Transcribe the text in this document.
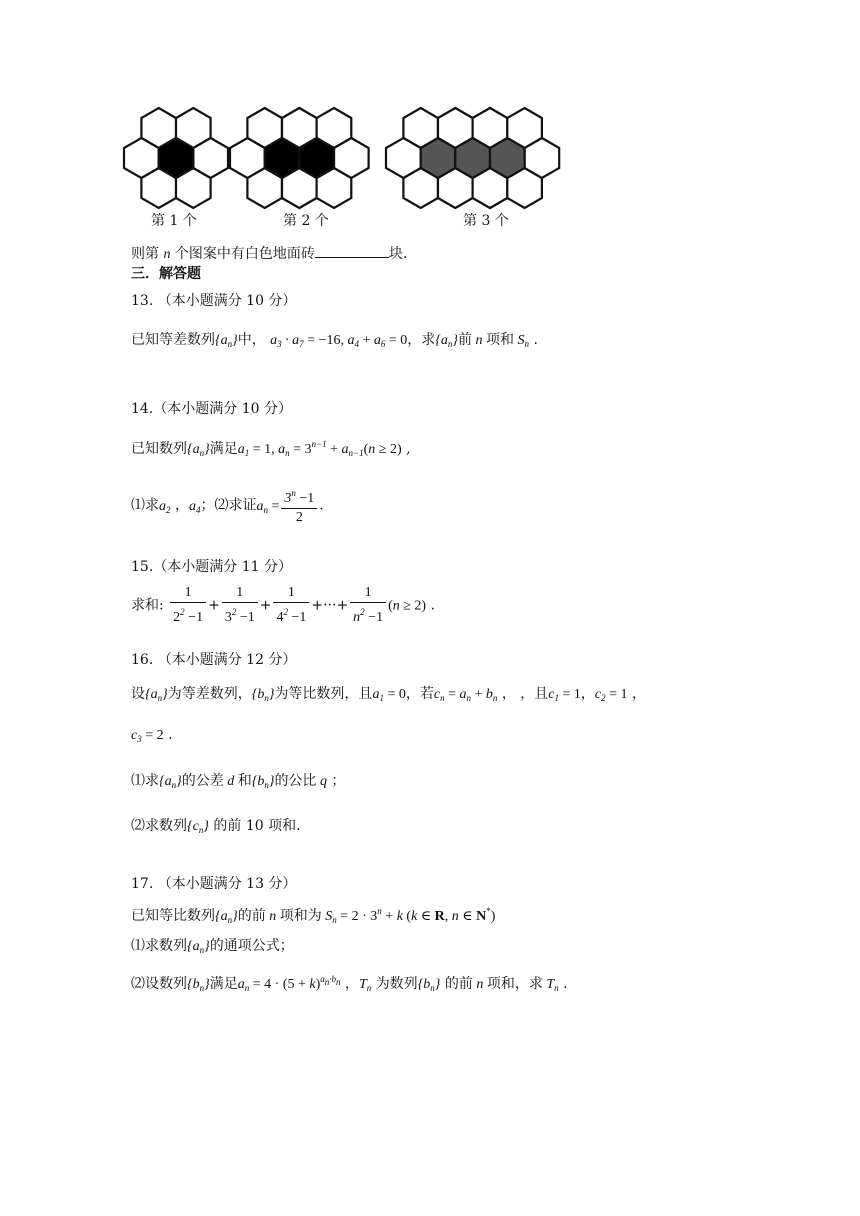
第 1 个	第 2 个	第 3 个
则第 n 个图案中有白色地面砖	块.
三．解答题
13. （本小题满分 10 分）
已知等差数列$\{a_n\}$中， $a_3 \cdot a_7 = -16$, $a_4 + a_6 = 0$，求$\{a_n\}$前 n 项和 $S_n$ .
14.（本小题满分 10 分）
已知数列$\{a_n\}$满足$a_1 = 1$, $a_n = 3^{n-1} + a_{n-1}(n \ge 2)$ ,
⑴求$a_2$ ，$a_4$；⑵求证$a_n = \frac{3^n -1}{2}$ .
15.（本小题满分 11 分）
求和: $\frac{1}{2^2 -1} + \frac{1}{3^2 -1} + \frac{1}{4^2 -1}$ +···+ $\frac{1}{n^2 -1} (n \ge 2)$ .
16. （本小题满分 12 分）
设$\{a_n\}$为等差数列，$\{b_n\}$为等比数列，且$a_1 = 0$，若$c_n = a_n + b_n$ ， ，且$c_1 = 1$，$c_2 = 1$ ，
$c_3 = 2$ .
⑴求$\{a_n\}$的公差 d 和$\{b_n\}$的公比 q ；
⑵求数列$\{c_n\}$ 的前 10 项和.
17. （本小题满分 13 分）
已知等比数列$\{a_n\}$的前 n 项和为 $S_n = 2 \cdot 3^n + k$ (k ∈ R, n ∈ N*)
⑴求数列$\{a_n\}$的通项公式；
⑵设数列$\{b_n\}$满足$a_n = 4 \cdot (5 + k)^{a_n\cdot b_n}$ ，$T_n$ 为数列$\{b_n\}$ 的前 n 项和，求 $T_n$ .
